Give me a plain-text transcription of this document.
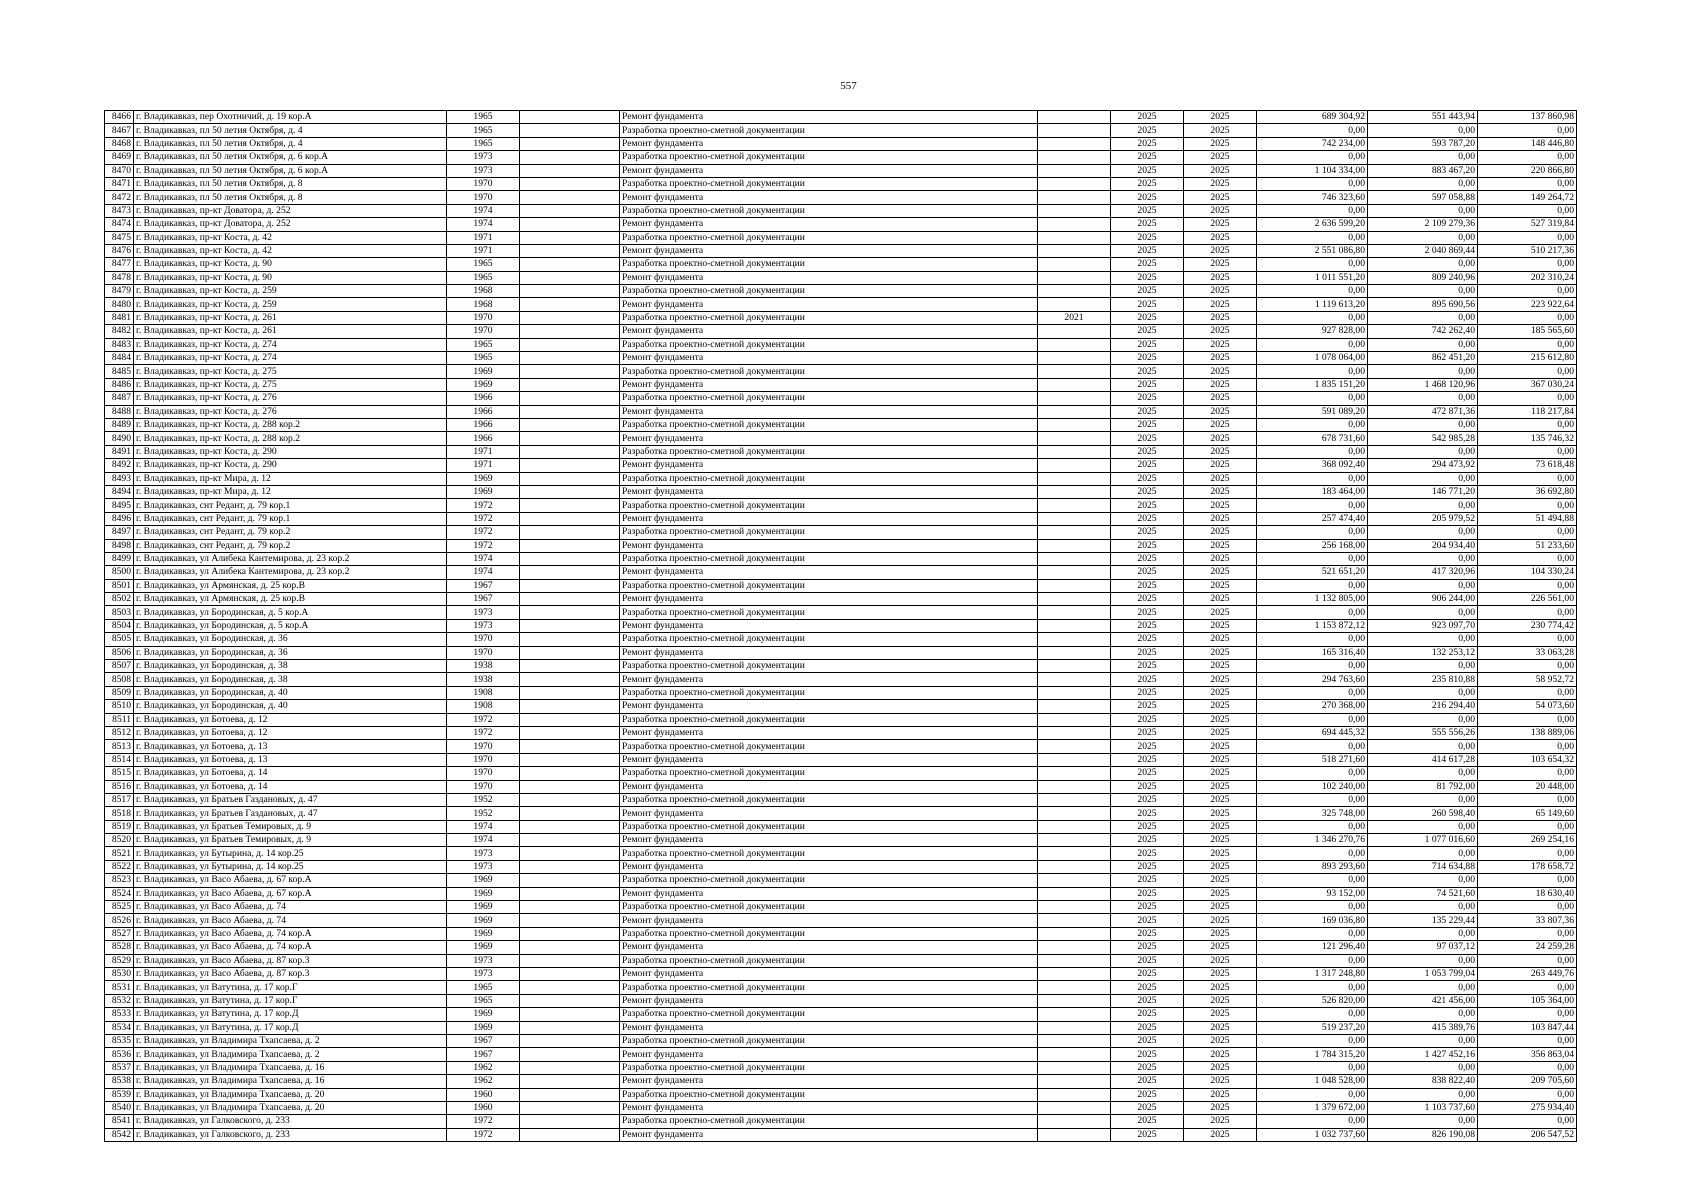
557
8466	г. Владикавказ, пер Охотничий, д. 19 кор.А	1965		Ремонт фундамента		2025	2025	689 304,92	551 443,94	137 860,98
8467	г. Владикавказ, пл 50 летия Октября, д. 4	1965		Разработка проектно-сметной документации		2025	2025	0,00	0,00	0,00
8468	г. Владикавказ, пл 50 летия Октября, д. 4	1965		Ремонт фундамента		2025	2025	742 234,00	593 787,20	148 446,80
8469	г. Владикавказ, пл 50 летия Октября, д. 6 кор.А	1973		Разработка проектно-сметной документации		2025	2025	0,00	0,00	0,00
8470	г. Владикавказ, пл 50 летия Октября, д. 6 кор.А	1973		Ремонт фундамента		2025	2025	1 104 334,00	883 467,20	220 866,80
8471	г. Владикавказ, пл 50 летия Октября, д. 8	1970		Разработка проектно-сметной документации		2025	2025	0,00	0,00	0,00
8472	г. Владикавказ, пл 50 летия Октября, д. 8	1970		Ремонт фундамента		2025	2025	746 323,60	597 058,88	149 264,72
8473	г. Владикавказ, пр-кт Доватора, д. 252	1974		Разработка проектно-сметной документации		2025	2025	0,00	0,00	0,00
8474	г. Владикавказ, пр-кт Доватора, д. 252	1974		Ремонт фундамента		2025	2025	2 636 599,20	2 109 279,36	527 319,84
8475	г. Владикавказ, пр-кт Коста, д. 42	1971		Разработка проектно-сметной документации		2025	2025	0,00	0,00	0,00
8476	г. Владикавказ, пр-кт Коста, д. 42	1971		Ремонт фундамента		2025	2025	2 551 086,80	2 040 869,44	510 217,36
8477	г. Владикавказ, пр-кт Коста, д. 90	1965		Разработка проектно-сметной документации		2025	2025	0,00	0,00	0,00
8478	г. Владикавказ, пр-кт Коста, д. 90	1965		Ремонт фундамента		2025	2025	1 011 551,20	809 240,96	202 310,24
8479	г. Владикавказ, пр-кт Коста, д. 259	1968		Разработка проектно-сметной документации		2025	2025	0,00	0,00	0,00
8480	г. Владикавказ, пр-кт Коста, д. 259	1968		Ремонт фундамента		2025	2025	1 119 613,20	895 690,56	223 922,64
8481	г. Владикавказ, пр-кт Коста, д. 261	1970		Разработка проектно-сметной документации	2021	2025	2025	0,00	0,00	0,00
8482	г. Владикавказ, пр-кт Коста, д. 261	1970		Ремонт фундамента		2025	2025	927 828,00	742 262,40	185 565,60
8483	г. Владикавказ, пр-кт Коста, д. 274	1965		Разработка проектно-сметной документации		2025	2025	0,00	0,00	0,00
8484	г. Владикавказ, пр-кт Коста, д. 274	1965		Ремонт фундамента		2025	2025	1 078 064,00	862 451,20	215 612,80
8485	г. Владикавказ, пр-кт Коста, д. 275	1969		Разработка проектно-сметной документации		2025	2025	0,00	0,00	0,00
8486	г. Владикавказ, пр-кт Коста, д. 275	1969		Ремонт фундамента		2025	2025	1 835 151,20	1 468 120,96	367 030,24
8487	г. Владикавказ, пр-кт Коста, д. 276	1966		Разработка проектно-сметной документации		2025	2025	0,00	0,00	0,00
8488	г. Владикавказ, пр-кт Коста, д. 276	1966		Ремонт фундамента		2025	2025	591 089,20	472 871,36	118 217,84
8489	г. Владикавказ, пр-кт Коста, д. 288 кор.2	1966		Разработка проектно-сметной документации		2025	2025	0,00	0,00	0,00
8490	г. Владикавказ, пр-кт Коста, д. 288 кор.2	1966		Ремонт фундамента		2025	2025	678 731,60	542 985,28	135 746,32
8491	г. Владикавказ, пр-кт Коста, д. 290	1971		Разработка проектно-сметной документации		2025	2025	0,00	0,00	0,00
8492	г. Владикавказ, пр-кт Коста, д. 290	1971		Ремонт фундамента		2025	2025	368 092,40	294 473,92	73 618,48
8493	г. Владикавказ, пр-кт Мира, д. 12	1969		Разработка проектно-сметной документации		2025	2025	0,00	0,00	0,00
8494	г. Владикавказ, пр-кт Мира, д. 12	1969		Ремонт фундамента		2025	2025	183 464,00	146 771,20	36 692,80
8495	г. Владикавказ, снт Редант, д. 79 кор.1	1972		Разработка проектно-сметной документации		2025	2025	0,00	0,00	0,00
8496	г. Владикавказ, снт Редант, д. 79 кор.1	1972		Ремонт фундамента		2025	2025	257 474,40	205 979,52	51 494,88
8497	г. Владикавказ, снт Редант, д. 79 кор.2	1972		Разработка проектно-сметной документации		2025	2025	0,00	0,00	0,00
8498	г. Владикавказ, снт Редант, д. 79 кор.2	1972		Ремонт фундамента		2025	2025	256 168,00	204 934,40	51 233,60
8499	г. Владикавказ, ул Алибека Кантемирова, д. 23 кор.2	1974		Разработка проектно-сметной документации		2025	2025	0,00	0,00	0,00
8500	г. Владикавказ, ул Алибека Кантемирова, д. 23 кор.2	1974		Ремонт фундамента		2025	2025	521 651,20	417 320,96	104 330,24
8501	г. Владикавказ, ул Армянская, д. 25 кор.В	1967		Разработка проектно-сметной документации		2025	2025	0,00	0,00	0,00
8502	г. Владикавказ, ул Армянская, д. 25 кор.В	1967		Ремонт фундамента		2025	2025	1 132 805,00	906 244,00	226 561,00
8503	г. Владикавказ, ул Бородинская, д. 5 кор.А	1973		Разработка проектно-сметной документации		2025	2025	0,00	0,00	0,00
8504	г. Владикавказ, ул Бородинская, д. 5 кор.А	1973		Ремонт фундамента		2025	2025	1 153 872,12	923 097,70	230 774,42
8505	г. Владикавказ, ул Бородинская, д. 36	1970		Разработка проектно-сметной документации		2025	2025	0,00	0,00	0,00
8506	г. Владикавказ, ул Бородинская, д. 36	1970		Ремонт фундамента		2025	2025	165 316,40	132 253,12	33 063,28
8507	г. Владикавказ, ул Бородинская, д. 38	1938		Разработка проектно-сметной документации		2025	2025	0,00	0,00	0,00
8508	г. Владикавказ, ул Бородинская, д. 38	1938		Ремонт фундамента		2025	2025	294 763,60	235 810,88	58 952,72
8509	г. Владикавказ, ул Бородинская, д. 40	1908		Разработка проектно-сметной документации		2025	2025	0,00	0,00	0,00
8510	г. Владикавказ, ул Бородинская, д. 40	1908		Ремонт фундамента		2025	2025	270 368,00	216 294,40	54 073,60
8511	г. Владикавказ, ул Ботоева, д. 12	1972		Разработка проектно-сметной документации		2025	2025	0,00	0,00	0,00
8512	г. Владикавказ, ул Ботоева, д. 12	1972		Ремонт фундамента		2025	2025	694 445,32	555 556,26	138 889,06
8513	г. Владикавказ, ул Ботоева, д. 13	1970		Разработка проектно-сметной документации		2025	2025	0,00	0,00	0,00
8514	г. Владикавказ, ул Ботоева, д. 13	1970		Ремонт фундамента		2025	2025	518 271,60	414 617,28	103 654,32
8515	г. Владикавказ, ул Ботоева, д. 14	1970		Разработка проектно-сметной документации		2025	2025	0,00	0,00	0,00
8516	г. Владикавказ, ул Ботоева, д. 14	1970		Ремонт фундамента		2025	2025	102 240,00	81 792,00	20 448,00
8517	г. Владикавказ, ул Братьев Газдановых, д. 47	1952		Разработка проектно-сметной документации		2025	2025	0,00	0,00	0,00
8518	г. Владикавказ, ул Братьев Газдановых, д. 47	1952		Ремонт фундамента		2025	2025	325 748,00	260 598,40	65 149,60
8519	г. Владикавказ, ул Братьев Темировых, д. 9	1974		Разработка проектно-сметной документации		2025	2025	0,00	0,00	0,00
8520	г. Владикавказ, ул Братьев Темировых, д. 9	1974		Ремонт фундамента		2025	2025	1 346 270,76	1 077 016,60	269 254,16
8521	г. Владикавказ, ул Бутырина, д. 14 кор.25	1973		Разработка проектно-сметной документации		2025	2025	0,00	0,00	0,00
8522	г. Владикавказ, ул Бутырина, д. 14 кор.25	1973		Ремонт фундамента		2025	2025	893 293,60	714 634,88	178 658,72
8523	г. Владикавказ, ул Васо Абаева, д. 67 кор.А	1969		Разработка проектно-сметной документации		2025	2025	0,00	0,00	0,00
8524	г. Владикавказ, ул Васо Абаева, д. 67 кор.А	1969		Ремонт фундамента		2025	2025	93 152,00	74 521,60	18 630,40
8525	г. Владикавказ, ул Васо Абаева, д. 74	1969		Разработка проектно-сметной документации		2025	2025	0,00	0,00	0,00
8526	г. Владикавказ, ул Васо Абаева, д. 74	1969		Ремонт фундамента		2025	2025	169 036,80	135 229,44	33 807,36
8527	г. Владикавказ, ул Васо Абаева, д. 74 кор.А	1969		Разработка проектно-сметной документации		2025	2025	0,00	0,00	0,00
8528	г. Владикавказ, ул Васо Абаева, д. 74 кор.А	1969		Ремонт фундамента		2025	2025	121 296,40	97 037,12	24 259,28
8529	г. Владикавказ, ул Васо Абаева, д. 87 кор.3	1973		Разработка проектно-сметной документации		2025	2025	0,00	0,00	0,00
8530	г. Владикавказ, ул Васо Абаева, д. 87 кор.3	1973		Ремонт фундамента		2025	2025	1 317 248,80	1 053 799,04	263 449,76
8531	г. Владикавказ, ул Ватутина, д. 17 кор.Г	1965		Разработка проектно-сметной документации		2025	2025	0,00	0,00	0,00
8532	г. Владикавказ, ул Ватутина, д. 17 кор.Г	1965		Ремонт фундамента		2025	2025	526 820,00	421 456,00	105 364,00
8533	г. Владикавказ, ул Ватутина, д. 17 кор.Д	1969		Разработка проектно-сметной документации		2025	2025	0,00	0,00	0,00
8534	г. Владикавказ, ул Ватутина, д. 17 кор.Д	1969		Ремонт фундамента		2025	2025	519 237,20	415 389,76	103 847,44
8535	г. Владикавказ, ул Владимира Тхапсаева, д. 2	1967		Разработка проектно-сметной документации		2025	2025	0,00	0,00	0,00
8536	г. Владикавказ, ул Владимира Тхапсаева, д. 2	1967		Ремонт фундамента		2025	2025	1 784 315,20	1 427 452,16	356 863,04
8537	г. Владикавказ, ул Владимира Тхапсаева, д. 16	1962		Разработка проектно-сметной документации		2025	2025	0,00	0,00	0,00
8538	г. Владикавказ, ул Владимира Тхапсаева, д. 16	1962		Ремонт фундамента		2025	2025	1 048 528,00	838 822,40	209 705,60
8539	г. Владикавказ, ул Владимира Тхапсаева, д. 20	1960		Разработка проектно-сметной документации		2025	2025	0,00	0,00	0,00
8540	г. Владикавказ, ул Владимира Тхапсаева, д. 20	1960		Ремонт фундамента		2025	2025	1 379 672,00	1 103 737,60	275 934,40
8541	г. Владикавказ, ул Галковского, д. 233	1972		Разработка проектно-сметной документации		2025	2025	0,00	0,00	0,00
8542	г. Владикавказ, ул Галковского, д. 233	1972		Ремонт фундамента		2025	2025	1 032 737,60	826 190,08	206 547,52
